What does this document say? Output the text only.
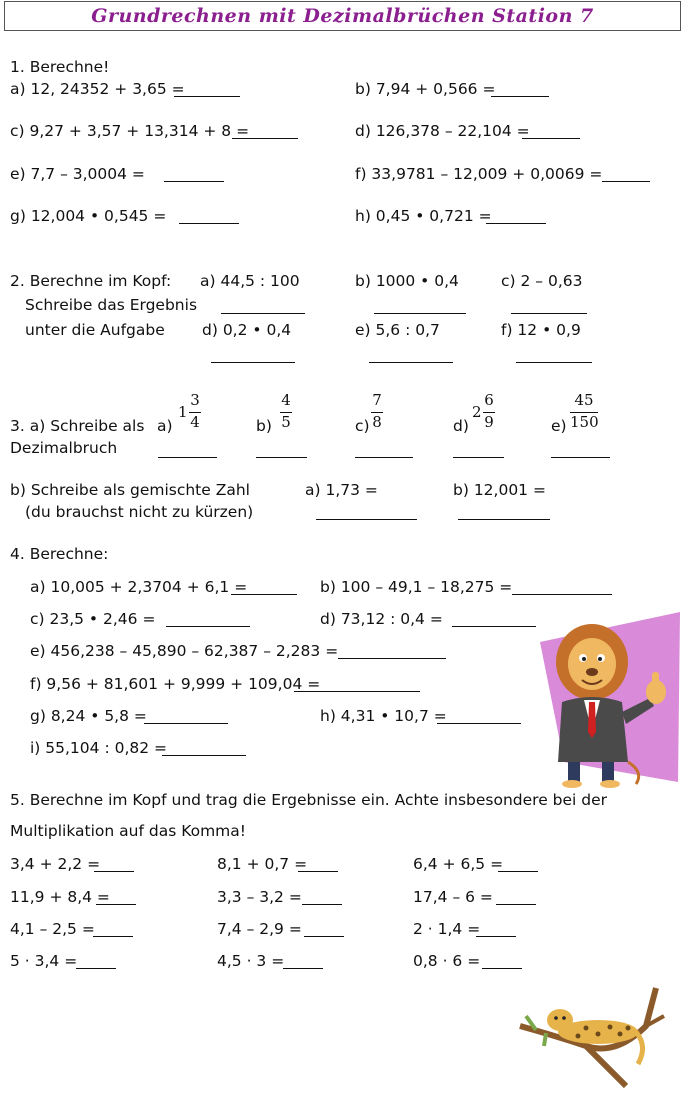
Grundrechnen mit Dezimalbrüchen Station 7
1. Berechne!
a) 12, 24352 + 3,65 =	b) 7,94 + 0,566 =
c) 9,27 + 3,57 + 13,314 + 8 =	d) 126,378 – 22,104 =
e) 7,7 – 3,0004 =	f) 33,9781 – 12,009 + 0,0069 =
g) 12,004 • 0,545 =	h) 0,45 • 0,721 =
2. Berechne im Kopf:
Schreibe das Ergebnis
unter die Aufgabe
a) 44,5 : 100	b) 1000 • 0,4	c) 2 – 0,63
d) 0,2 • 0,4	e) 5,6 : 0,7	f) 12 • 0,9
3. a) Schreibe als
Dezimalbruch
a)	b)	c)	d)	e)
1
3
4
4
5
7
8
2
6
9
45
150
b) Schreibe als gemischte Zahl
(du brauchst nicht zu kürzen)
a) 1,73 =	b) 12,001 =
4. Berechne:
a) 10,005 + 2,3704 + 6,1 =	b) 100 – 49,1 – 18,275 =
c) 23,5 • 2,46 =	d) 73,12 : 0,4 =
e) 456,238 – 45,890 – 62,387 – 2,283 =
f) 9,56 + 81,601 + 9,999 + 109,04 =
g) 8,24 • 5,8 =	h) 4,31 • 10,7 =
i) 55,104 : 0,82 =
5. Berechne im Kopf und trag die Ergebnisse ein. Achte insbesondere bei der
Multiplikation auf das Komma!
3,4 + 2,2 =	8,1 + 0,7 =	6,4 + 6,5 =
11,9 + 8,4 =	3,3 – 3,2 =	17,4 – 6 =
4,1 – 2,5 =	7,4 – 2,9 =	2 · 1,4 =
5 · 3,4 =	4,5 · 3 =	0,8 · 6 =
